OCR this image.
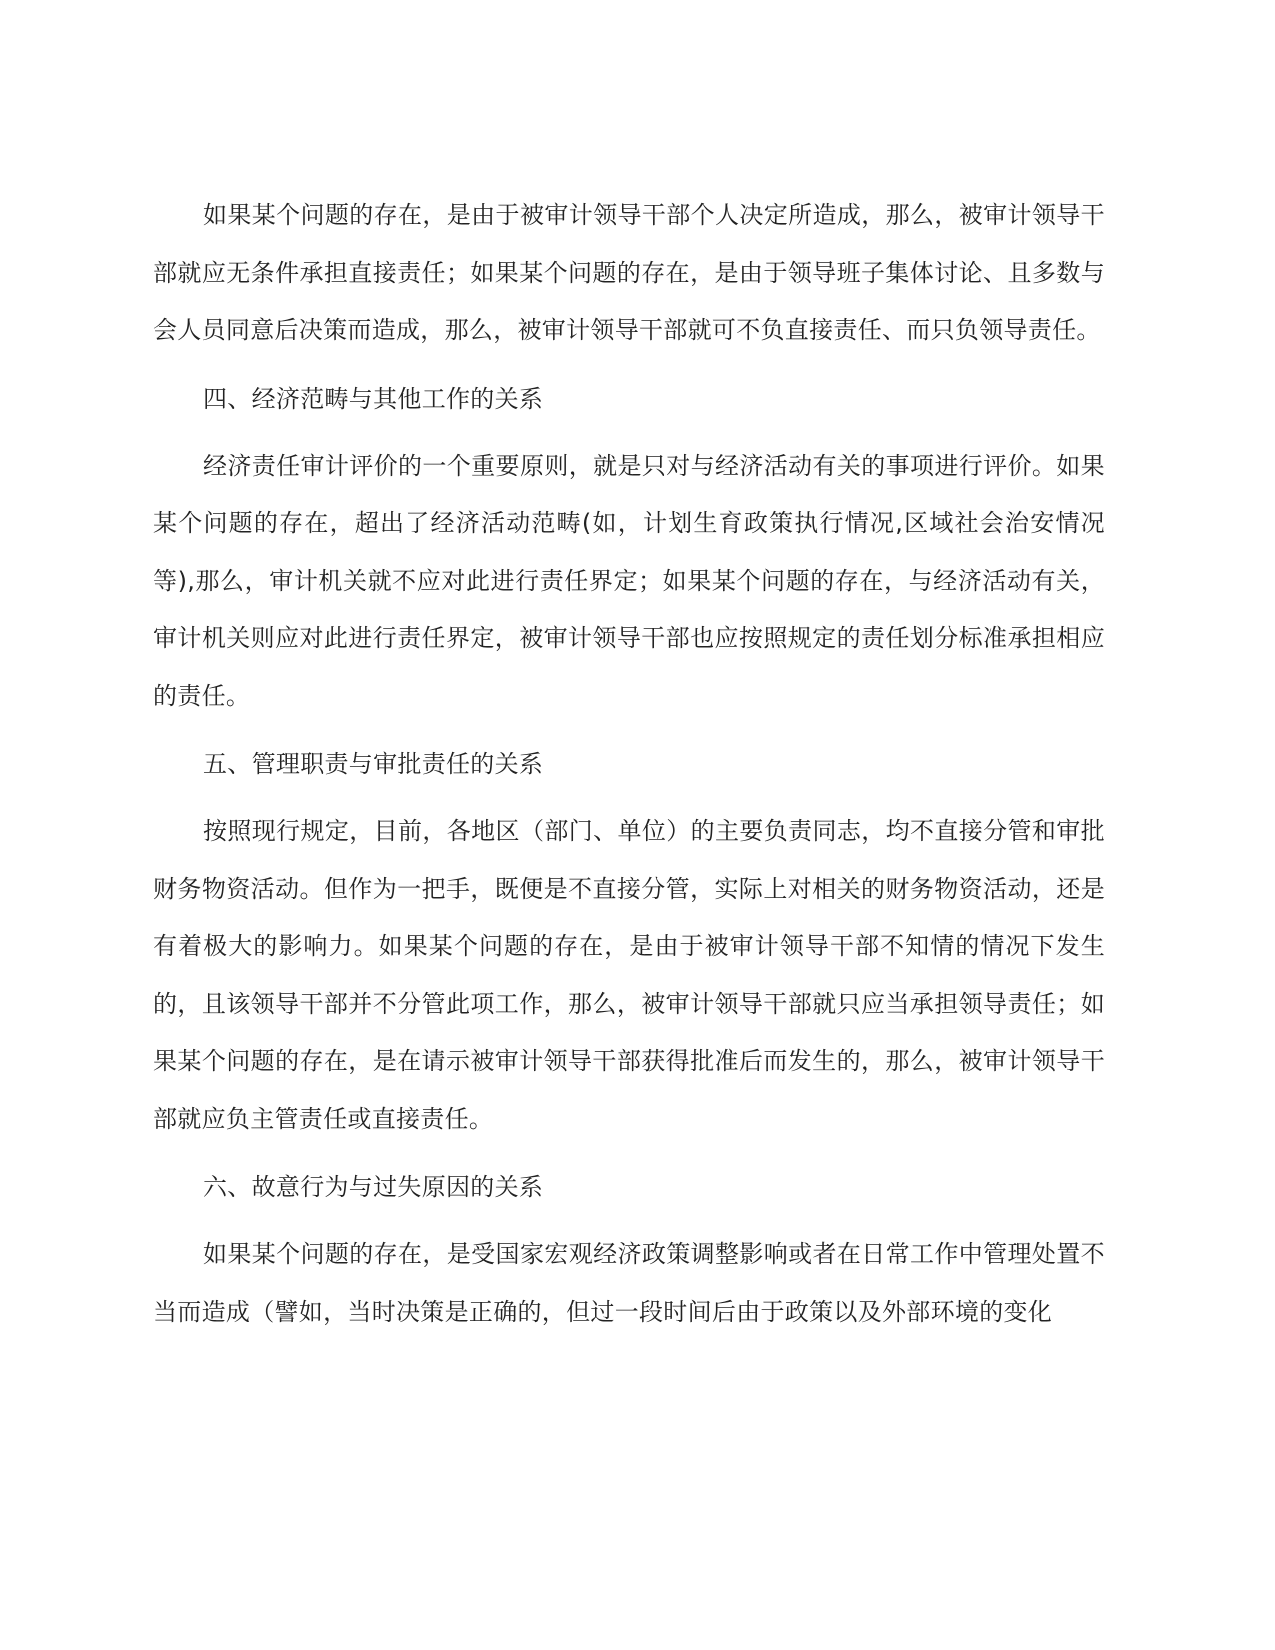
如果某个问题的存在，是由于被审计领导干部个人决定所造成，那么，被审计领导干部就应无条件承担直接责任；如果某个问题的存在，是由于领导班子集体讨论、且多数与会人员同意后决策而造成，那么，被审计领导干部就可不负直接责任、而只负领导责任。

四、经济范畴与其他工作的关系

经济责任审计评价的一个重要原则，就是只对与经济活动有关的事项进行评价。如果某个问题的存在，超出了经济活动范畴(如，计划生育政策执行情况,区域社会治安情况等),那么，审计机关就不应对此进行责任界定；如果某个问题的存在，与经济活动有关，审计机关则应对此进行责任界定，被审计领导干部也应按照规定的责任划分标准承担相应的责任。

五、管理职责与审批责任的关系

按照现行规定，目前，各地区（部门、单位）的主要负责同志，均不直接分管和审批财务物资活动。但作为一把手，既便是不直接分管，实际上对相关的财务物资活动，还是有着极大的影响力。如果某个问题的存在，是由于被审计领导干部不知情的情况下发生的，且该领导干部并不分管此项工作，那么，被审计领导干部就只应当承担领导责任；如果某个问题的存在，是在请示被审计领导干部获得批准后而发生的，那么，被审计领导干部就应负主管责任或直接责任。

六、故意行为与过失原因的关系

如果某个问题的存在，是受国家宏观经济政策调整影响或者在日常工作中管理处置不当而造成（譬如，当时决策是正确的，但过一段时间后由于政策以及外部环境的变化
